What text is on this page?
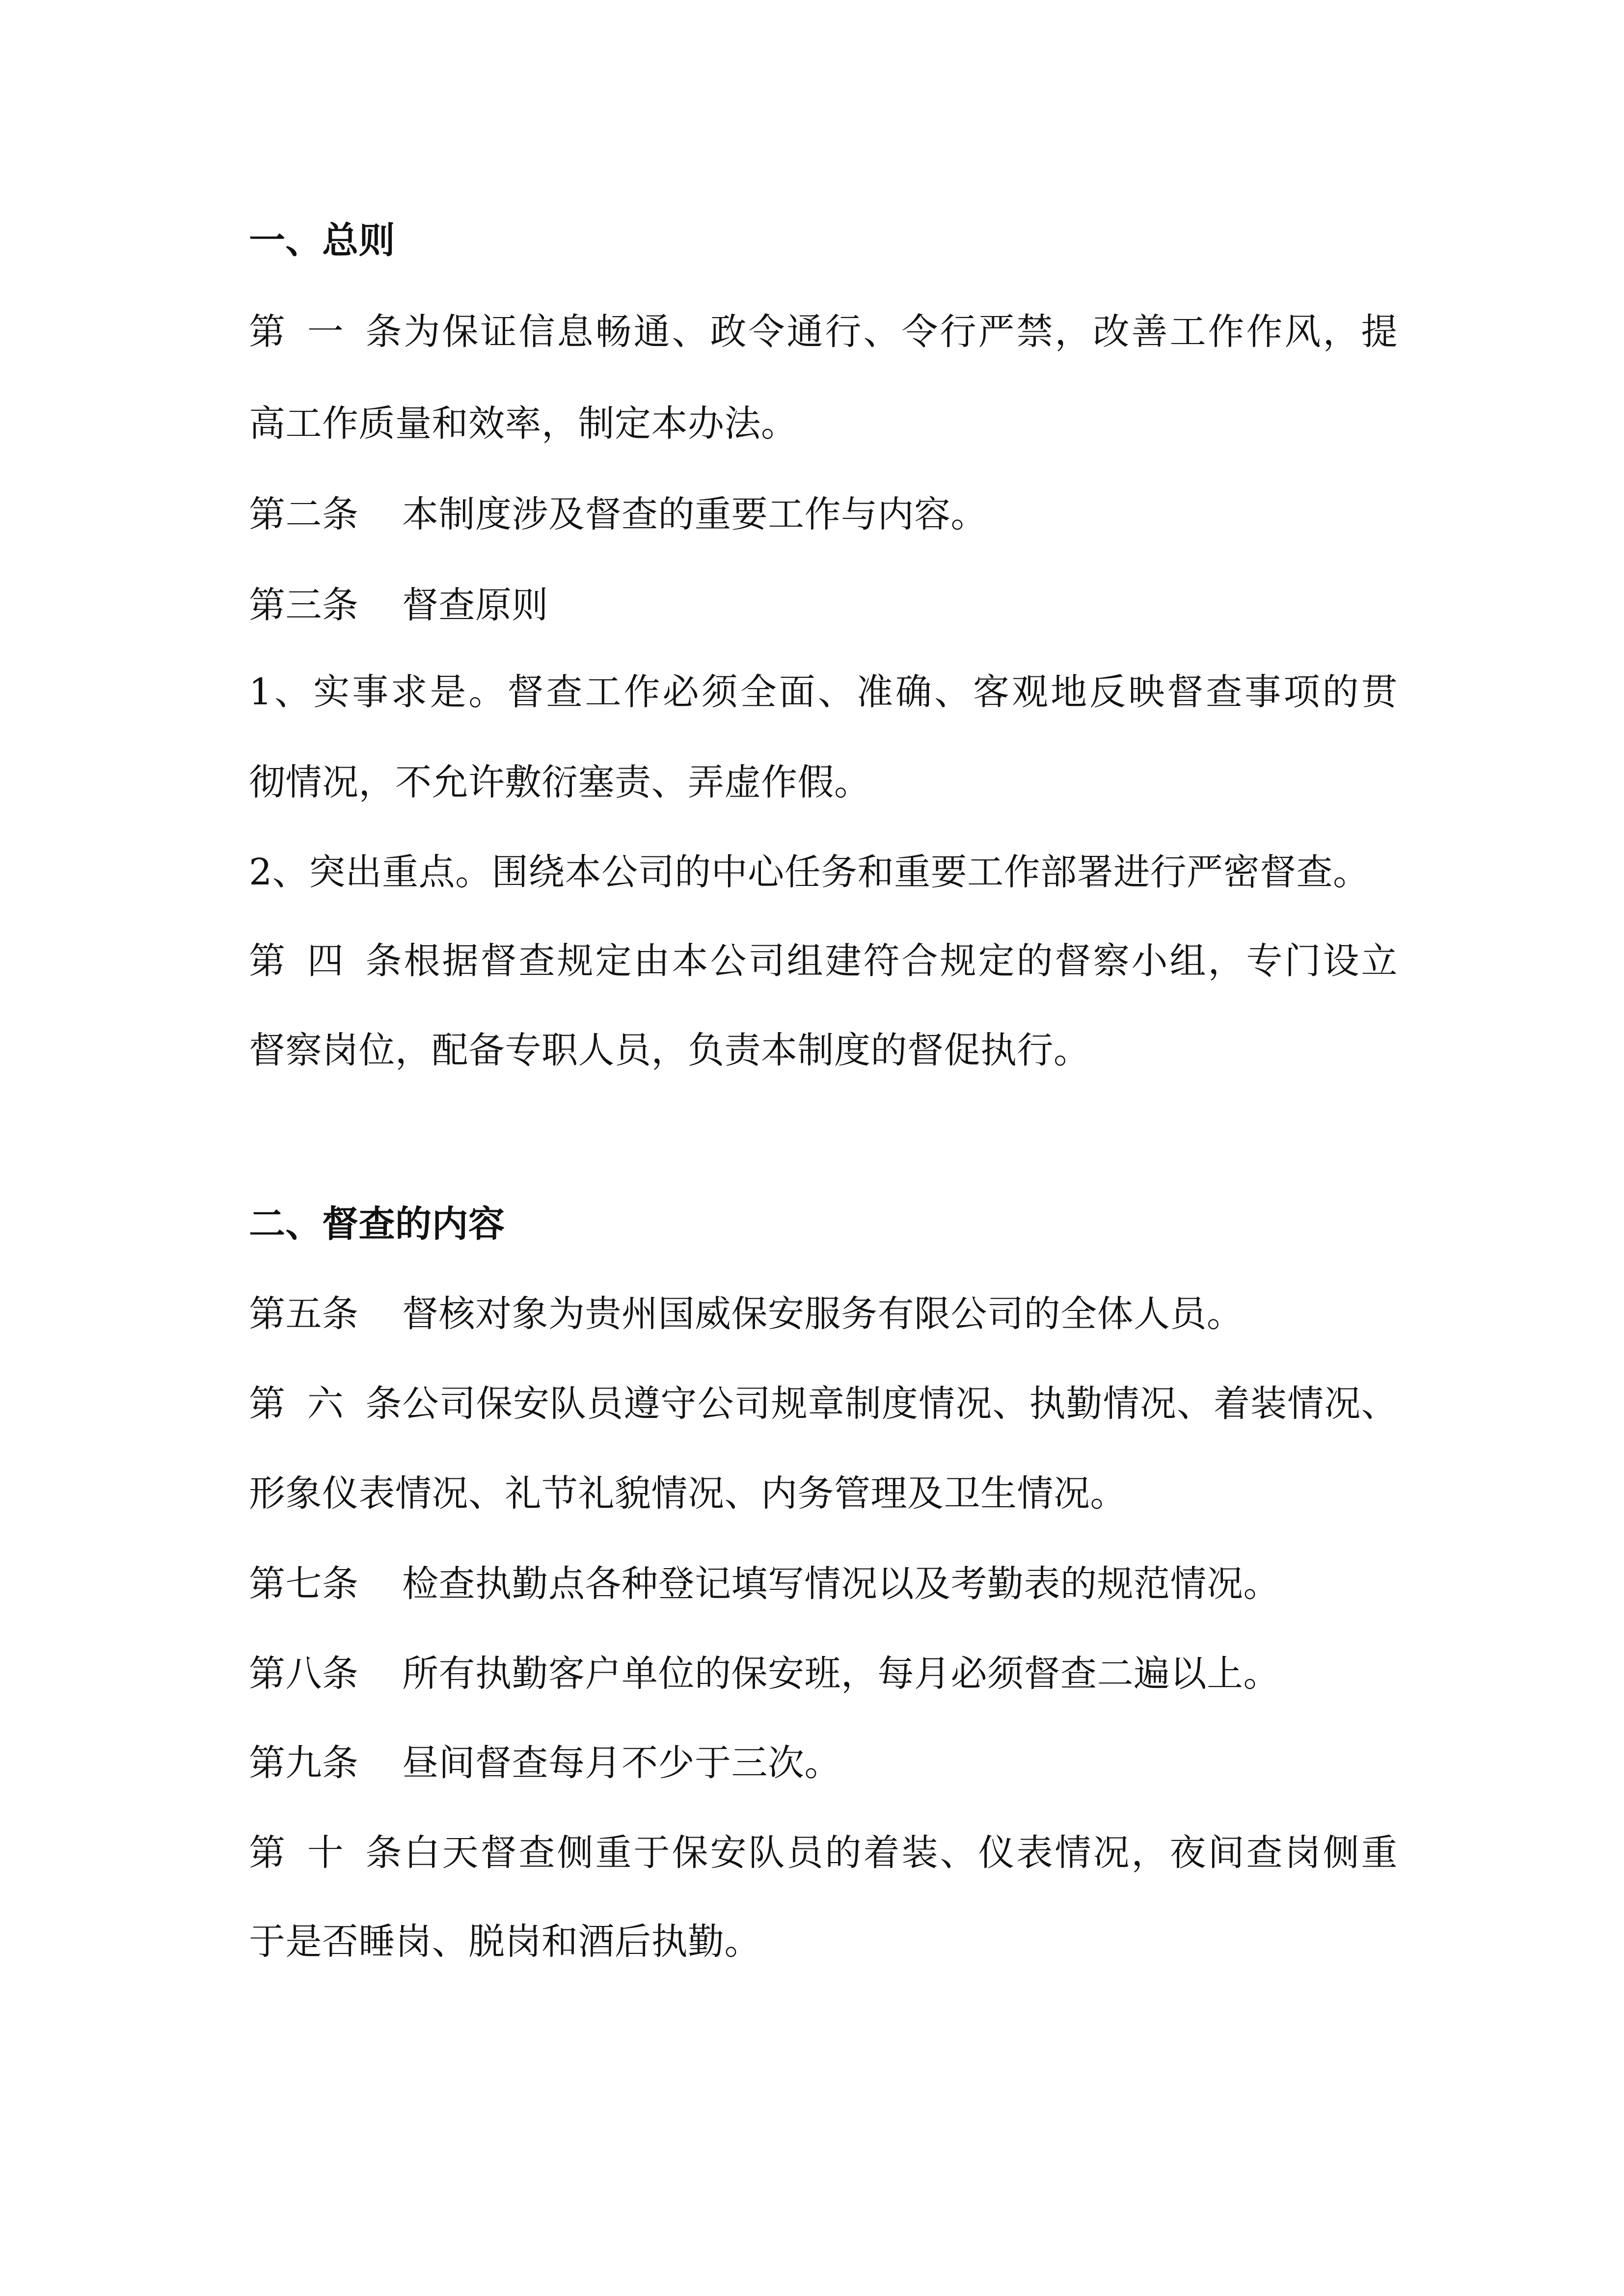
一、总则
第一条为保证信息畅通、政令通行、令行严禁，改善工作作风，提
高工作质量和效率，制定本办法。
第二条 本制度涉及督查的重要工作与内容。
第三条 督查原则
1、实事求是。督查工作必须全面、准确、客观地反映督查事项的贯
彻情况，不允许敷衍塞责、弄虚作假。
2、突出重点。围绕本公司的中心任务和重要工作部署进行严密督查。
第四条根据督查规定由本公司组建符合规定的督察小组，专门设立
督察岗位，配备专职人员，负责本制度的督促执行。
二、督查的内容
第五条 督核对象为贵州国威保安服务有限公司的全体人员。
第六条公司保安队员遵守公司规章制度情况、执勤情况、着装情况、
形象仪表情况、礼节礼貌情况、内务管理及卫生情况。
第七条 检查执勤点各种登记填写情况以及考勤表的规范情况。
第八条 所有执勤客户单位的保安班，每月必须督查二遍以上。
第九条 昼间督查每月不少于三次。
第十条白天督查侧重于保安队员的着装、仪表情况，夜间查岗侧重
于是否睡岗、脱岗和酒后执勤。
